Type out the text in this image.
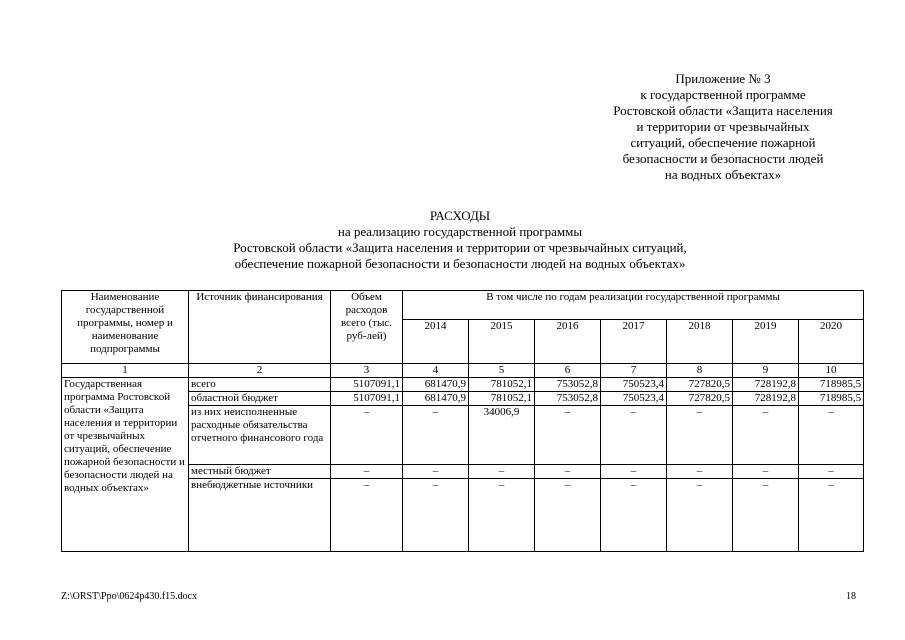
Приложение № 3
к государственной программе
Ростовской области «Защита населения
и территории от чрезвычайных
ситуаций, обеспечение пожарной
безопасности и безопасности людей
на водных объектах»
РАСХОДЫ
на реализацию государственной программы
Ростовской области «Защита населения и территории от чрезвычайных ситуаций,
обеспечение пожарной безопасности и безопасности людей на водных объектах»
Наименование государственной программы, номер и наименование подпрограммы	Источник финансирования	Объем расходов всего (тыс. руб-лей)	В том числе по годам реализации государственной программы						
			2014	2015	2016	2017	2018	2019	2020
1	2	3	4	5	6	7	8	9	10
Государственная программа Ростовской области «Защита населения и территории от чрезвычайных ситуаций, обеспечение пожарной безопасности и безопасности людей на водных объектах»	всего	5107091,1	681470,9	781052,1	753052,8	750523,4	727820,5	728192,8	718985,5
	областной бюджет	5107091,1	681470,9	781052,1	753052,8	750523,4	727820,5	728192,8	718985,5
	из них неисполненные расходные обязательства отчетного финансового года	–	–	34006,9	–	–	–	–	–
	местный бюджет	–	–	–	–	–	–	–	–
	внебюджетные источники	–	–	–	–	–	–	–	–
Z:\ORST\Ppo\0624p430.f15.docx	18
